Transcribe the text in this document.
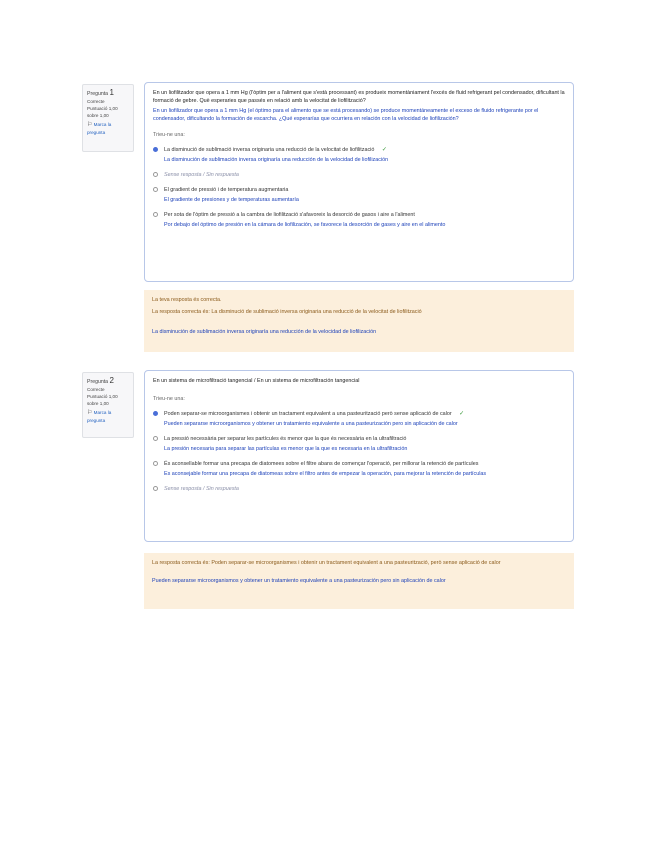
Pregunta 1
Correcte
Puntuació 1,00 sobre 1,00
⚐ Marca la pregunta
En un liofilitzador que opera a 1 mm Hg (l'òptim per a l'aliment que s'està processant) es produeix momentàniament l'excés de fluid refrigerant pel condensador, dificultant la formació de gebre. Què esperaries que passés en relació amb la velocitat de liofilització?
En un liofilizador que opera a 1 mm Hg (el óptimo para el alimento que se está procesando) se produce momentáneamente el exceso de fluido refrigerante por el condensador, dificultando la formación de escarcha. ¿Qué esperarías que ocurriera en relación con la velocidad de liofilización?
Trieu-ne una:
La disminució de sublimació inversa originaria una reducció de la velocitat de liofilització ✓
La disminución de sublimación inversa originaría una reducción de la velocidad de liofilización
Sense resposta / Sin respuesta
El gradient de pressió i de temperatura augmentaria
El gradiente de presiones y de temperaturas aumentaría
Per sota de l'òptim de pressió a la cambra de liofilització s'afavoreix la desorció de gasos i aire a l'aliment
Por debajo del óptimo de presión en la cámara de liofilización, se favorece la desorción de gases y aire en el alimento
La teva resposta és correcta.
La resposta correcta és: La disminució de sublimació inversa originaria una reducció de la velocitat de liofilització
La disminución de sublimación inversa originaría una reducción de la velocidad de liofilización
Pregunta 2
Correcte
Puntuació 1,00 sobre 1,00
⚐ Marca la pregunta
En un sistema de microfiltració tangencial / En un sistema de microfiltración tangencial
Trieu-ne una:
Poden separar-se microorganismes i obtenir un tractament equivalent a una pasteurització però sense aplicació de calor ✓
Pueden separarse microorganismos y obtener un tratamiento equivalente a una pasteurización pero sin aplicación de calor
La pressió necessària per separar les partícules és menor que la que és necessària en la ultrafiltració
La presión necesaria para separar las partículas es menor que la que es necesaria en la ultrafiltración
És aconsellable formar una precapa de diatomees sobre el filtre abans de començar l'operació, per millorar la retenció de partícules
Es aconsejable formar una precapa de diatomeas sobre el filtro antes de empezar la operación, para mejorar la retención de partículas
Sense resposta / Sin respuesta
La resposta correcta és: Poden separar-se microorganismes i obtenir un tractament equivalent a una pasteurització, però sense aplicació de calor
Pueden separarse microorganismos y obtener un tratamiento equivalente a una pasteurización pero sin aplicación de calor
